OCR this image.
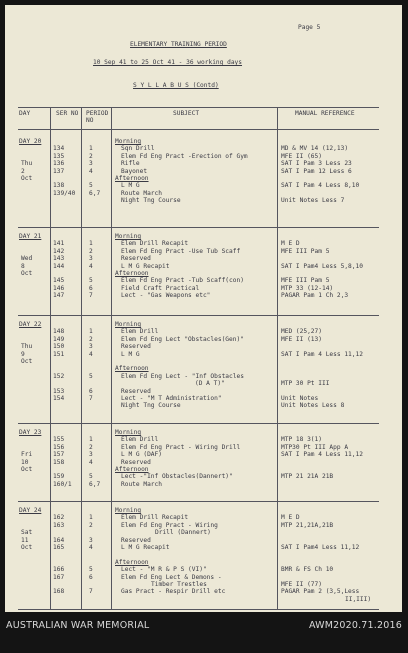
Page 5
ELEMENTARY TRAINING PERIOD
10 Sep 41 to 25 Oct 41 - 36 working days
S Y L L A B U S (Contd)
DAY	SER NO PERIOD NO
SUBJECT	MANUAL REFERENCE
DAY 20
Thu
2
Oct
Morning
134	1	Sqn Drill	MD & MV 14 (12,13)
135	2	Elem Fd Eng Pract -Erection of Gym	MFE II (65)
136	3	Rifle	SAT I Pam 3 Less 23
137	4	Bayonet	SAT I Pam 12 Less 6
Afternoon
138	5	L M G	SAT I Pam 4 Less 8,10
139/40 6,7	Route March
Night Tng Course	Unit Notes Less 7
DAY 21
Wed
8
Oct
Morning
141	1	Elem Drill Recapit	M E D
142	2	Elem Fd Eng Pract -Use Tub Scaff	MFE III Pam 5
143	3	Reserved
144	4	L M G Recapit	SAT I Pam4 Less 5,8,10
Afternoon
145	5	Elem Fd Eng Pract -Tub Scaff(con)	MFE III Pam 5
146	6	Field Craft Practical	MTP 33 (12-14)
147	7	Lect - "Gas Weapons etc"	PAGAR Pam 1 Ch 2,3
DAY 22
Thu
9
Oct
Morning
148	1	Elem Drill	MED (25,27)
149	2	Elem Fd Eng Lect "Obstacles(Gen)"	MFE II (13)
150	3	Reserved
151	4	L M G	SAT I Pam 4 Less 11,12
Afternoon
152	5	Elem Fd Eng Lect - "Inf Obstacles
(D A T)"	MTP 30 Pt III
153	6	Reserved
154	7	Lect - "M T Administration"	Unit Notes
Night Tng Course	Unit Notes Less 8
DAY 23
Fri
10
Oct
Morning
155	1	Elem Drill	MTP 18 3(1)
156	2	Elem Fd Eng Pract - Wiring Drill	MTP30 Pt III App A
157	3	L M G (DAF)	SAT I Pam 4 Less 11,12
158	4	Reserved
Afternoon
159	5	Lect -"Inf Obstacles(Dannert)"	MTP 21 21A 21B
160/1	6,7	Route March
DAY 24
Sat
11
Oct
Morning
162	1	Elem Drill Recapit	M E D
163	2	Elem Fd Eng Pract - Wiring	MTP 21,21A,21B
Drill (Dannert)
164	3	Reserved
165	4	L M G Recapit	SAT I Pam4 Less 11,12
Afternoon
166	5	Lect - "M R & P S (VI)"	BMR & FS Ch 10
167	6	Elem Fd Eng Lect & Demons -
Timber Trestles	MFE II (77)
168	7	Gas Pract - Respir Drill etc	PAGAR Pam 2 (3,5,Less
II,III)
AUSTRALIAN WAR MEMORIAL	AWM2020.71.2016
